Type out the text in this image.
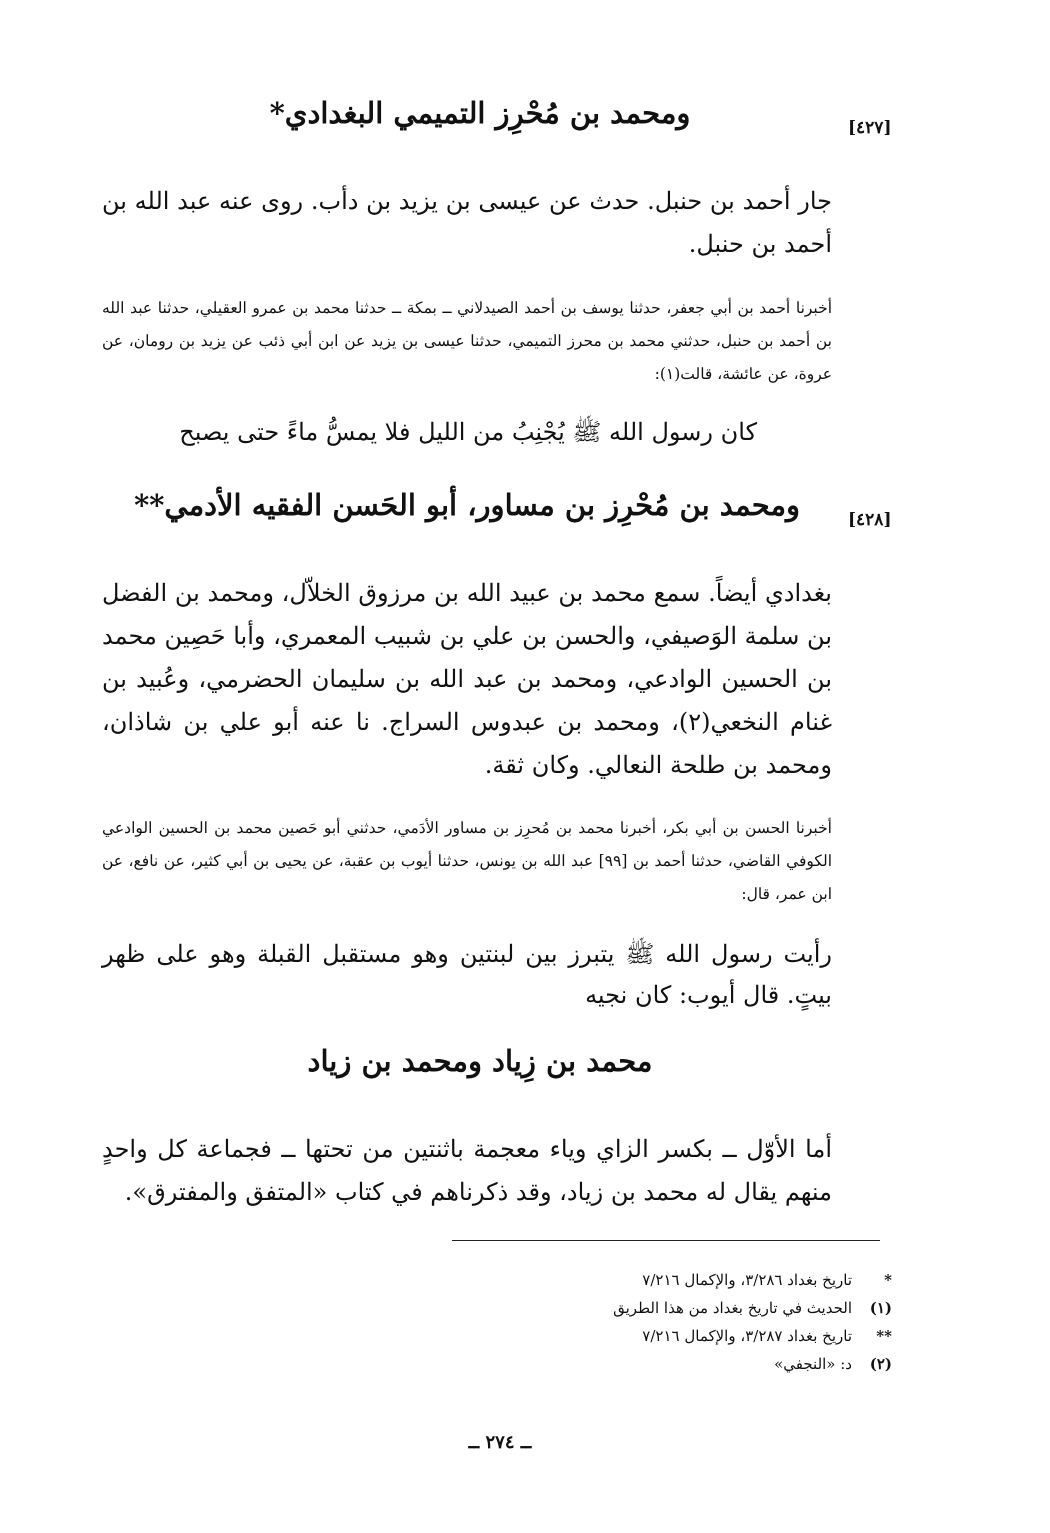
[٤٢٧]
ومحمد بن مُحْرِز التميمي البغدادي*
جار أحمد بن حنبل. حدث عن عيسى بن يزيد بن دأب. روى عنه عبد الله بن أحمد بن حنبل.
أخبرنا أحمد بن أبي جعفر، حدثنا يوسف بن أحمد الصيدلاني ــ بمكة ــ حدثنا محمد بن عمرو العقيلي، حدثنا عبد الله بن أحمد بن حنبل، حدثني محمد بن محرز التميمي، حدثنا عيسى بن يزيد عن ابن أبي ذئب عن يزيد بن رومان، عن عروة، عن عائشة، قالت(١):
كان رسول الله ﷺ يُجْنِبُ من الليل فلا يمسُّ ماءً حتى يصبح
[٤٢٨]
ومحمد بن مُحْرِز بن مساور، أبو الحَسن الفقيه الأدمي**
بغدادي أيضاً. سمع محمد بن عبيد الله بن مرزوق الخلاّل، ومحمد بن الفضل بن سلمة الوَصيفي، والحسن بن علي بن شبيب المعمري، وأبا حَصِين محمد بن الحسين الوادعي، ومحمد بن عبد الله بن سليمان الحضرمي، وعُبيد بن غنام النخعي(٢)، ومحمد بن عبدوس السراج. نا عنه أبو علي بن شاذان، ومحمد بن طلحة النعالي. وكان ثقة.
أخبرنا الحسن بن أبي بكر، أخبرنا محمد بن مُحرِز بن مساور الأدَمي، حدثني أبو حَصين محمد بن الحسين الوادعي الكوفي القاضي، حدثنا أحمد بن [٩٩] عبد الله بن يونس، حدثنا أيوب بن عقبة، عن يحيى بن أبي كثير، عن نافع، عن ابن عمر، قال:
رأيت رسول الله ﷺ يتبرز بين لبنتين وهو مستقبل القبلة وهو على ظهر بيتٍ. قال أيوب: كان نجيه
محمد بن زِياد ومحمد بن زياد
أما الأوّل ــ بكسر الزاي وياء معجمة باثنتين من تحتها ــ فجماعة كل واحدٍ منهم يقال له محمد بن زياد، وقد ذكرناهم في كتاب «المتفق والمفترق».
*تاريخ بغداد ٣/٢٨٦، والإكمال ٧/٢١٦
(١)الحديث في تاريخ بغداد من هذا الطريق
**تاريخ بغداد ٣/٢٨٧، والإكمال ٧/٢١٦
(٢)د: «النجفي»
ــ ٢٧٤ ــ
